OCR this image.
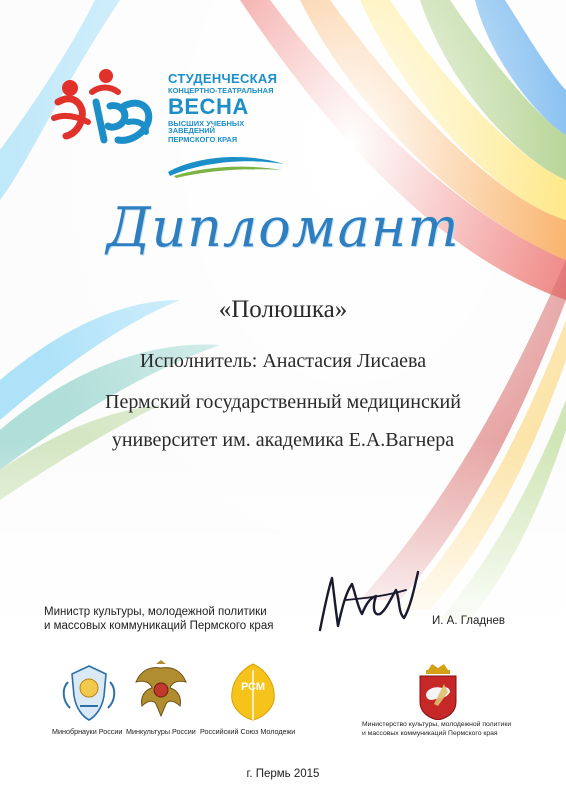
СТУДЕНЧЕСКАЯ
КОНЦЕРТНО-ТЕАТРАЛЬНАЯ
ВЕСНА
ВЫСШИХ УЧЕБНЫХ ЗАВЕДЕНИЙ
ПЕРМСКОГО КРАЯ
Дипломант
«Полюшка»
Исполнитель: Анастасия Лисаева
Пермский государственный медицинский
университет им. академика Е.А.Вагнера
Министр культуры, молодежной политики
и массовых коммуникаций Пермского края	И. А. Гладнев
Минобрнауки России Минкультуры России
РСМ
Российский Союз Молодежи
Министерство культуры, молодежной политики
и массовых коммуникаций Пермского края
г. Пермь 2015
